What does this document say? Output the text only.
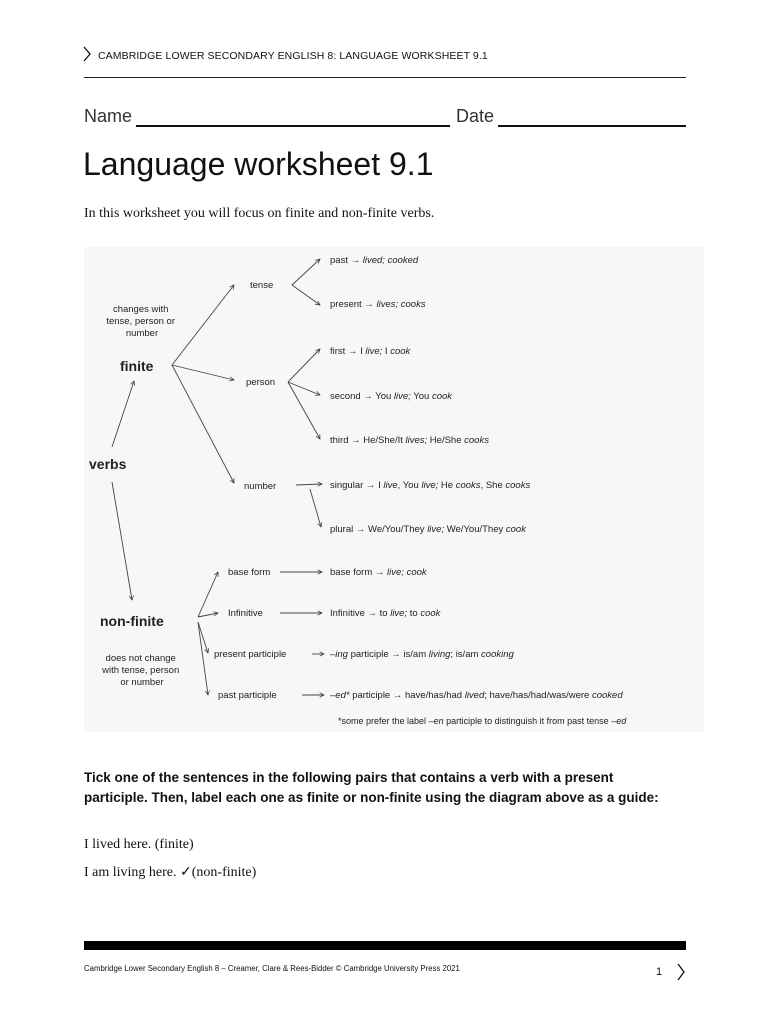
CAMBRIDGE LOWER SECONDARY ENGLISH 8: LANGUAGE WORKSHEET 9.1
Name	Date
Language worksheet 9.1
In this worksheet you will focus on finite and non-finite verbs.
verbs
finite
non-finite
changes with tense, person or number
does not change with tense, person or number
tense
person
number
past → lived; cooked
present → lives; cooks
first → I live; I cook
second → You live; You cook
third → He/She/It lives; He/She cooks
singular → I live, You live; He cooks, She cooks
plural → We/You/They live; We/You/They cook
base form
Infinitive
present participle
past participle
base form → live; cook
Infinitive → to live; to cook
–ing participle → is/am living; is/am cooking
–ed* participle → have/has/had lived; have/has/had/was/were cooked
*some prefer the label –en participle to distinguish it from past tense –ed
Tick one of the sentences in the following pairs that contains a verb with a present participle. Then, label each one as finite or non-finite using the diagram above as a guide:
I lived here. (finite)
I am living here. ✓(non-finite)
Cambridge Lower Secondary English 8 – Creamer, Clare & Rees-Bidder © Cambridge University Press 2021	1
